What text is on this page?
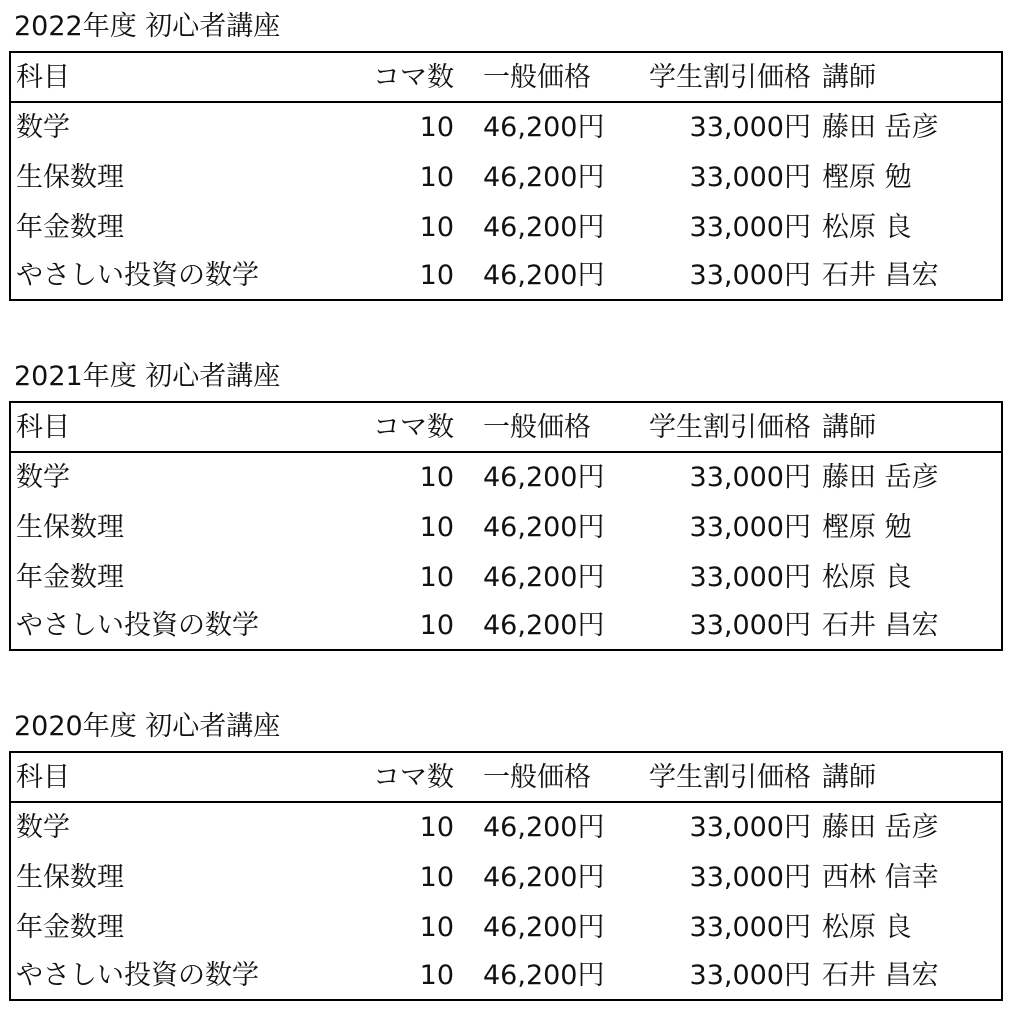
2022年度 初心者講座
科目	コマ数 一般価格	学生割引価格 講師
数学	10 46,200円	33,000円 藤田 岳彦
生保数理	10 46,200円	33,000円 樫原 勉
年金数理	10 46,200円	33,000円 松原 良
やさしい投資の数学	10 46,200円	33,000円 石井 昌宏
2021年度 初心者講座
科目	コマ数 一般価格	学生割引価格 講師
数学	10 46,200円	33,000円 藤田 岳彦
生保数理	10 46,200円	33,000円 樫原 勉
年金数理	10 46,200円	33,000円 松原 良
やさしい投資の数学	10 46,200円	33,000円 石井 昌宏
2020年度 初心者講座
科目	コマ数 一般価格	学生割引価格 講師
数学	10 46,200円	33,000円 藤田 岳彦
生保数理	10 46,200円	33,000円 西林 信幸
年金数理	10 46,200円	33,000円 松原 良
やさしい投資の数学	10 46,200円	33,000円 石井 昌宏
